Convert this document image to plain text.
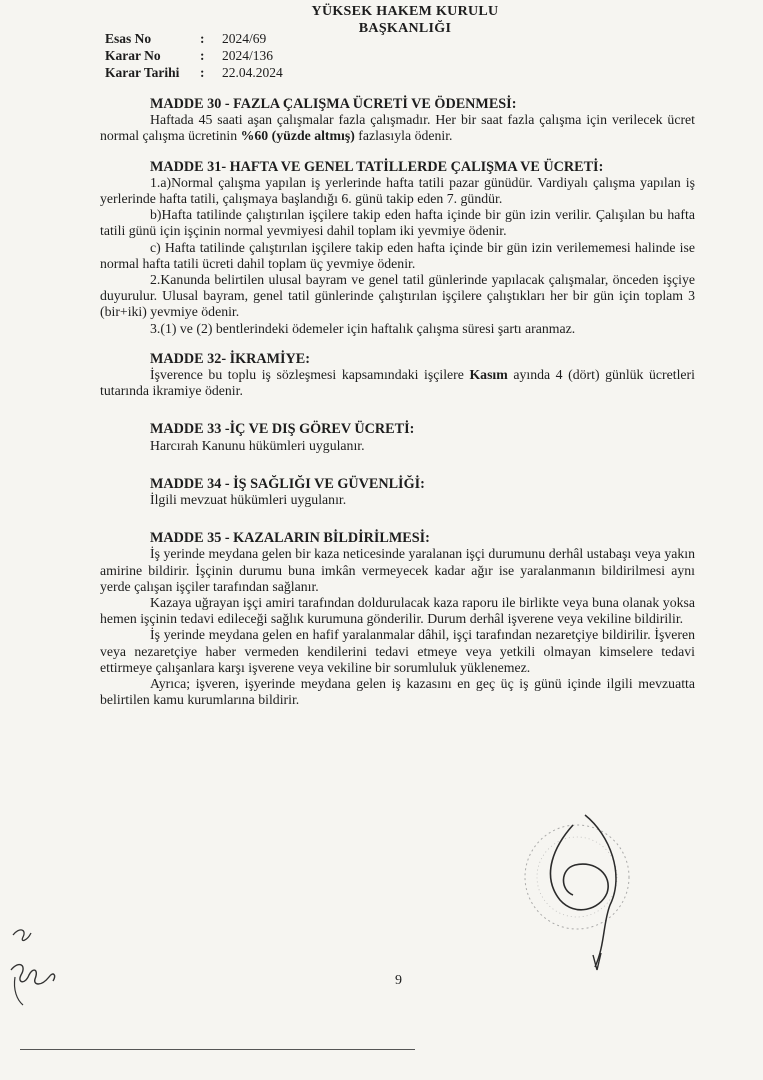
YÜKSEK HAKEM KURULU
BAŞKANLIĞI
Esas No	:	2024/69
Karar No	:	2024/136
Karar Tarihi	:	22.04.2024

MADDE 30 - FAZLA ÇALIŞMA ÜCRETİ VE ÖDENMESİ:

Haftada 45 saati aşan çalışmalar fazla çalışmadır. Her bir saat fazla çalışma için verilecek ücret normal çalışma ücretinin %60 (yüzde altmış) fazlasıyla ödenir.

MADDE 31- HAFTA VE GENEL TATİLLERDE ÇALIŞMA VE ÜCRETİ:

1.a)Normal çalışma yapılan iş yerlerinde hafta tatili pazar günüdür. Vardiyalı çalışma yapılan iş yerlerinde hafta tatili, çalışmaya başlandığı 6. günü takip eden 7. gündür.

b)Hafta tatilinde çalıştırılan işçilere takip eden hafta içinde bir gün izin verilir. Çalışılan bu hafta tatili günü için işçinin normal yevmiyesi dahil toplam iki yevmiye ödenir.

c) Hafta tatilinde çalıştırılan işçilere takip eden hafta içinde bir gün izin verilememesi halinde ise normal hafta tatili ücreti dahil toplam üç yevmiye ödenir.

2.Kanunda belirtilen ulusal bayram ve genel tatil günlerinde yapılacak çalışmalar, önceden işçiye duyurulur. Ulusal bayram, genel tatil günlerinde çalıştırılan işçilere çalıştıkları her bir gün için toplam 3 (bir+iki) yevmiye ödenir.

3.(1) ve (2) bentlerindeki ödemeler için haftalık çalışma süresi şartı aranmaz.

MADDE 32- İKRAMİYE:

İşverence bu toplu iş sözleşmesi kapsamındaki işçilere Kasım ayında 4 (dört) günlük ücretleri tutarında ikramiye ödenir.

MADDE 33 -İÇ VE DIŞ GÖREV ÜCRETİ:

Harcırah Kanunu hükümleri uygulanır.

MADDE 34 - İŞ SAĞLIĞI VE GÜVENLİĞİ:

İlgili mevzuat hükümleri uygulanır.

MADDE 35 - KAZALARIN BİLDİRİLMESİ:

İş yerinde meydana gelen bir kaza neticesinde yaralanan işçi durumunu derhâl ustabaşı veya yakın amirine bildirir. İşçinin durumu buna imkân vermeyecek kadar ağır ise yaralanmanın bildirilmesi aynı yerde çalışan işçiler tarafından sağlanır.

Kazaya uğrayan işçi amiri tarafından doldurulacak kaza raporu ile birlikte veya buna olanak yoksa hemen işçinin tedavi edileceği sağlık kurumuna gönderilir. Durum derhâl işverene veya vekiline bildirilir.

İş yerinde meydana gelen en hafif yaralanmalar dâhil, işçi tarafından nezaretçiye bildirilir. İşveren veya nezaretçiye haber vermeden kendilerini tedavi etmeye veya yetkili olmayan kimselere tedavi ettirmeye çalışanlara karşı işverene veya vekiline bir sorumluluk yüklenemez.

Ayrıca; işveren, işyerinde meydana gelen iş kazasını en geç üç iş günü içinde ilgili mevzuatta belirtilen kamu kurumlarına bildirir.

9
